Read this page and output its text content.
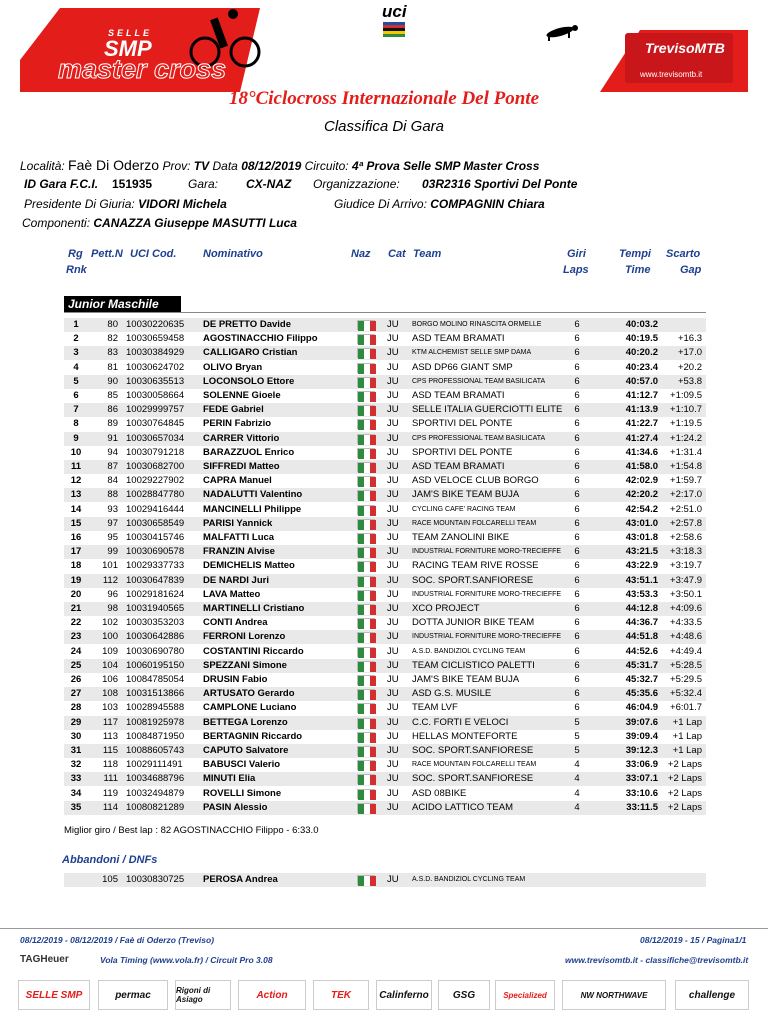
SELLE
SMP
master cross
uci
TrevisoMTB
www.trevisomtb.it
18°Ciclocross Internazionale Del Ponte
Classifica Di Gara
Località: Faè Di Oderzo Prov: TV Data 08/12/2019 Circuito: 4ª Prova Selle SMP Master Cross
ID Gara F.C.I. 151935	Gara: CX-NAZ Organizzazione: 03R2316 Sportivi Del Ponte
Presidente Di Giuria: VIDORI Michela	Giudice Di Arrivo: COMPAGNIN Chiara
Componenti: CANAZZA Giuseppe MASUTTI Luca
Rg
Rnk
Pett.N UCI Cod. Nominativo	Naz Cat Team	Giri
Laps
Tempi
Time
Scarto
Gap
Junior Maschile
1	80 10030220635 DE PRETTO Davide	JU BORGO MOLINO RINASCITA ORMELLE	6	40:03.2
2	82 10030659458 AGOSTINACCHIO Filippo	JU ASD TEAM BRAMATI	6	40:19.5	+16.3
3	83 10030384929 CALLIGARO Cristian	JU KTM ALCHEMIST SELLE SMP DAMA	6	40:20.2	+17.0
4	81 10030624702 OLIVO Bryan	JU ASD DP66 GIANT SMP	6	40:23.4	+20.2
5	90 10030635513 LOCONSOLO Ettore	JU CPS PROFESSIONAL TEAM BASILICATA	6	40:57.0	+53.8
6	85 10030058664 SOLENNE Gioele	JU ASD TEAM BRAMATI	6	41:12.7	+1:09.5
7	86 10029999757 FEDE Gabriel	JU SELLE ITALIA GUERCIOTTI ELITE	6	41:13.9	+1:10.7
8	89 10030764845 PERIN Fabrizio	JU SPORTIVI DEL PONTE	6	41:22.7	+1:19.5
9	91 10030657034 CARRER Vittorio	JU CPS PROFESSIONAL TEAM BASILICATA	6	41:27.4	+1:24.2
10	94 10030791218 BARAZZUOL Enrico	JU SPORTIVI DEL PONTE	6	41:34.6	+1:31.4
11	87 10030682700 SIFFREDI Matteo	JU ASD TEAM BRAMATI	6	41:58.0	+1:54.8
12	84 10029227902 CAPRA Manuel	JU ASD VELOCE CLUB BORGO	6	42:02.9	+1:59.7
13	88 10028847780 NADALUTTI Valentino	JU JAM'S BIKE TEAM BUJA	6	42:20.2	+2:17.0
14	93 10029416444 MANCINELLI Philippe	JU CYCLING CAFE' RACING TEAM	6	42:54.2	+2:51.0
15	97 10030658549 PARISI Yannick	JU RACE MOUNTAIN FOLCARELLI TEAM	6	43:01.0	+2:57.8
16	95 10030415746 MALFATTI Luca	JU TEAM ZANOLINI BIKE	6	43:01.8	+2:58.6
17	99 10030690578 FRANZIN Alvise	JU INDUSTRIAL FORNITURE MORO-TRECIEFFE	6	43:21.5	+3:18.3
18	101 10029337733 DEMICHELIS Matteo	JU RACING TEAM RIVE ROSSE	6	43:22.9	+3:19.7
19	112 10030647839 DE NARDI Juri	JU SOC. SPORT.SANFIORESE	6	43:51.1	+3:47.9
20	96 10029181624 LAVA Matteo	JU INDUSTRIAL FORNITURE MORO-TRECIEFFE	6	43:53.3	+3:50.1
21	98 10031940565 MARTINELLI Cristiano	JU XCO PROJECT	6	44:12.8	+4:09.6
22	102 10030353203 CONTI Andrea	JU DOTTA JUNIOR BIKE TEAM	6	44:36.7	+4:33.5
23	100 10030642886 FERRONI Lorenzo	JU INDUSTRIAL FORNITURE MORO-TRECIEFFE	6	44:51.8	+4:48.6
24	109 10030690780 COSTANTINI Riccardo	JU A.S.D. BANDIZIOL CYCLING TEAM	6	44:52.6	+4:49.4
25	104 10060195150 SPEZZANI Simone	JU TEAM CICLISTICO PALETTI	6	45:31.7	+5:28.5
26	106 10084785054 DRUSIN Fabio	JU JAM'S BIKE TEAM BUJA	6	45:32.7	+5:29.5
27	108 10031513866 ARTUSATO Gerardo	JU ASD G.S. MUSILE	6	45:35.6	+5:32.4
28	103 10028945588 CAMPLONE Luciano	JU TEAM LVF	6	46:04.9	+6:01.7
29	117 10081925978 BETTEGA Lorenzo	JU C.C. FORTI E VELOCI	5	39:07.6	+1 Lap
30	113 10084871950 BERTAGNIN Riccardo	JU HELLAS MONTEFORTE	5	39:09.4	+1 Lap
31	115 10088605743 CAPUTO Salvatore	JU SOC. SPORT.SANFIORESE	5	39:12.3	+1 Lap
32	118 10029111491 BABUSCI Valerio	JU RACE MOUNTAIN FOLCARELLI TEAM	4	33:06.9	+2 Laps
33	111 10034688796 MINUTI Elia	JU SOC. SPORT.SANFIORESE	4	33:07.1	+2 Laps
34	119 10032494879 ROVELLI Simone	JU ASD 08BIKE	4	33:10.6	+2 Laps
35	114 10080821289 PASIN Alessio	JU ACIDO LATTICO TEAM	4	33:11.5	+2 Laps
Miglior giro / Best lap : 82 AGOSTINACCHIO Filippo - 6:33.0
Abbandoni / DNFs
105 10030830725 PEROSA Andrea	JU A.S.D. BANDIZIOL CYCLING TEAM
08/12/2019 - 08/12/2019 / Faè di Oderzo (Treviso)	08/12/2019 - 15 / Pagina1/1
TAGHeuer	Vola Timing (www.vola.fr) / Circuit Pro 3.08	www.trevisomtb.it - classifiche@trevisomtb.it
SELLE SMP	permac	Rigoni di Asiago	Action	TEK	Calinferno	GSG	Specialized	NW NORTHWAVE	challenge
